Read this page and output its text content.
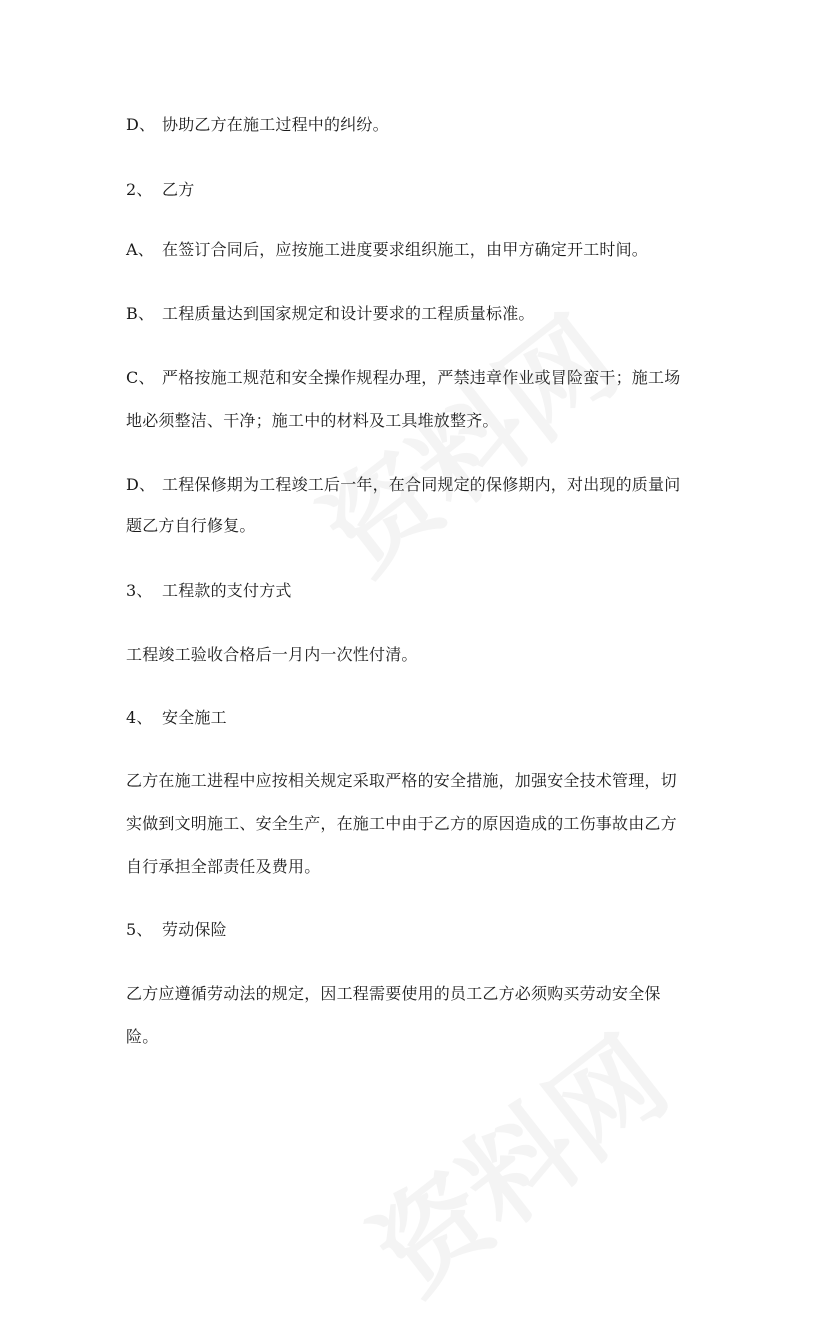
D、 协助乙方在施工过程中的纠纷。
2、 乙方
A、 在签订合同后，应按施工进度要求组织施工，由甲方确定开工时间。
B、 工程质量达到国家规定和设计要求的工程质量标准。
C、 严格按施工规范和安全操作规程办理，严禁违章作业或冒险蛮干；施工场
地必须整洁、干净；施工中的材料及工具堆放整齐。
D、 工程保修期为工程竣工后一年，在合同规定的保修期内，对出现的质量问
题乙方自行修复。
3、 工程款的支付方式
工程竣工验收合格后一月内一次性付清。
4、 安全施工
乙方在施工进程中应按相关规定采取严格的安全措施，加强安全技术管理，切
实做到文明施工、安全生产，在施工中由于乙方的原因造成的工伤事故由乙方
自行承担全部责任及费用。
5、 劳动保险
乙方应遵循劳动法的规定，因工程需要使用的员工乙方必须购买劳动安全保
险。
